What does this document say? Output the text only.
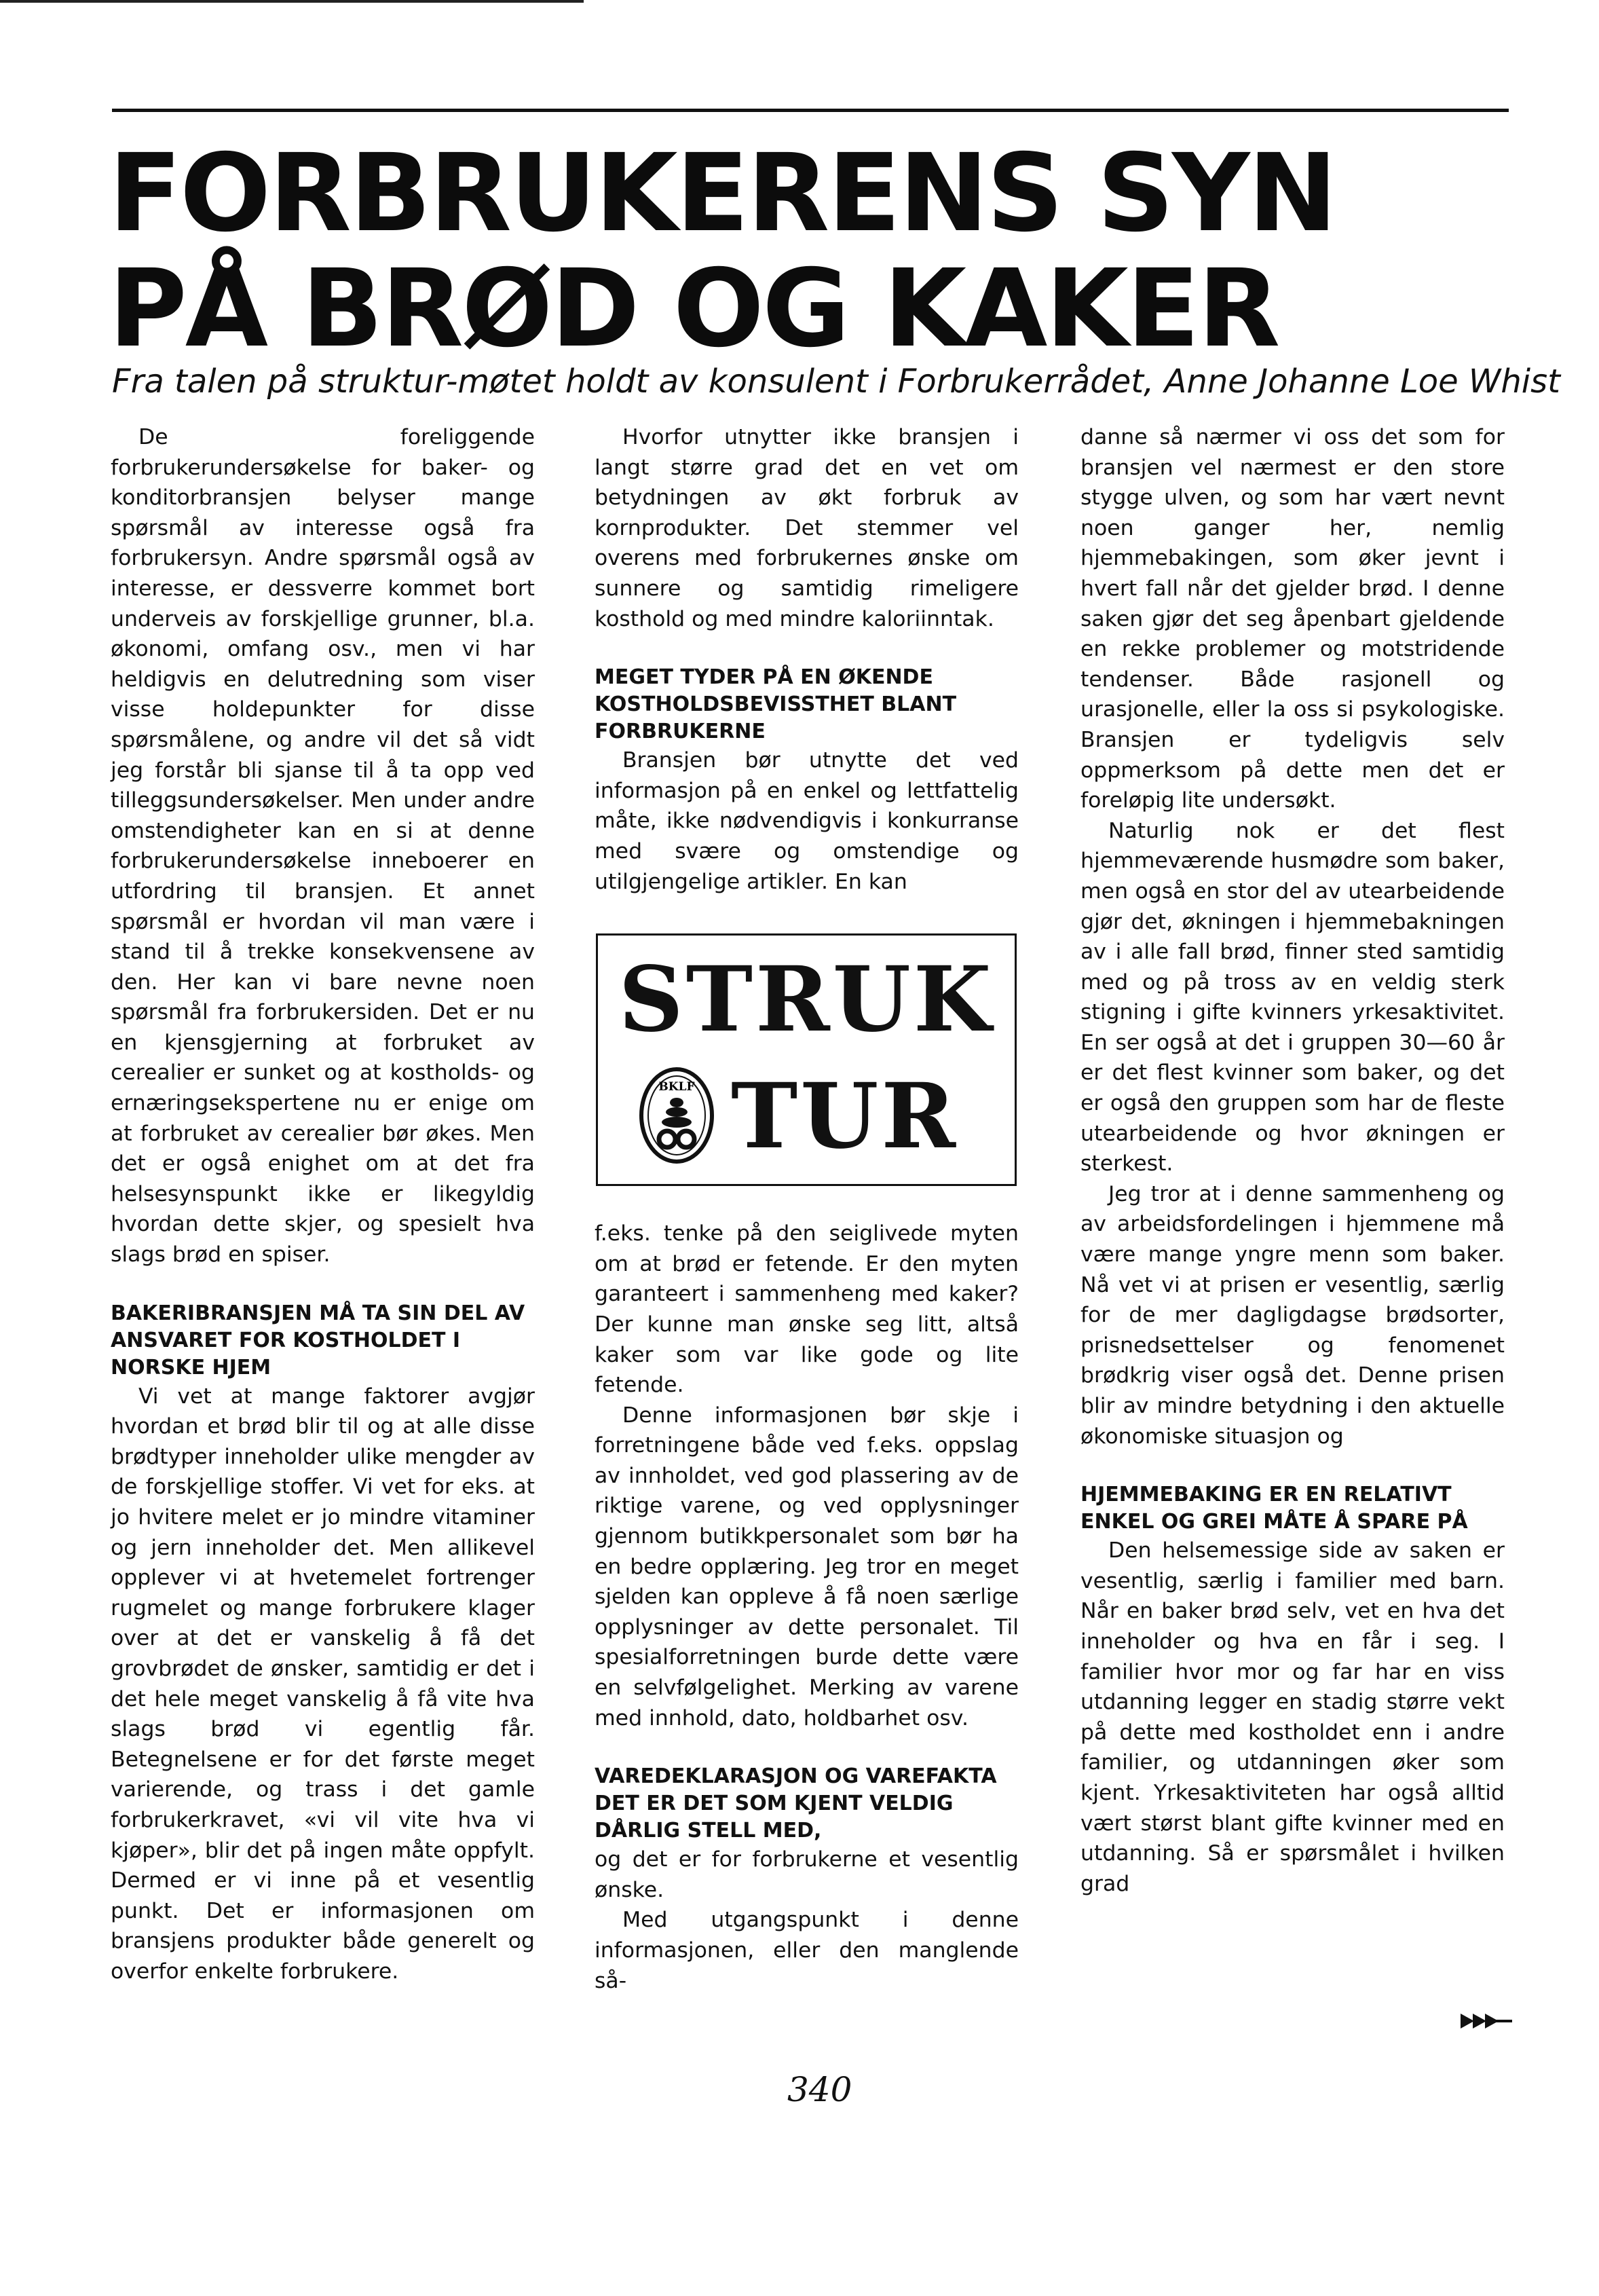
FORBRUKERENS SYN
PÅ BRØD OG KAKER

Fra talen på struktur-møtet holdt av konsulent i Forbrukerrådet, Anne Johanne Loe Whist

De foreliggende forbrukerundersøkelse for baker- og konditorbransjen belyser mange spørsmål av interesse også fra forbrukersyn. Andre spørsmål også av interesse, er dessverre kommet bort underveis av forskjellige grunner, bl.a. økonomi, omfang osv., men vi har heldigvis en delutredning som viser visse holdepunkter for disse spørsmålene, og andre vil det så vidt jeg forstår bli sjanse til å ta opp ved tilleggsundersøkelser. Men under andre omstendigheter kan en si at denne forbrukerundersøkelse inneboerer en utfordring til bransjen. Et annet spørsmål er hvordan vil man være i stand til å trekke konsekvensene av den. Her kan vi bare nevne noen spørsmål fra forbrukersiden. Det er nu en kjensgjerning at forbruket av cerealier er sunket og at kostholds- og ernæringsekspertene nu er enige om at forbruket av cerealier bør økes. Men det er også enighet om at det fra helsesynspunkt ikke er likegyldig hvordan dette skjer, og spesielt hva slags brød en spiser.

BAKERIBRANSJEN MÅ TA SIN DEL AV ANSVARET FOR KOSTHOLDET I NORSKE HJEM

Vi vet at mange faktorer avgjør hvordan et brød blir til og at alle disse brødtyper inneholder ulike mengder av de forskjellige stoffer. Vi vet for eks. at jo hvitere melet er jo mindre vitaminer og jern inneholder det. Men allikevel opplever vi at hvetemelet fortrenger rugmelet og mange forbrukere klager over at det er vanskelig å få det grovbrødet de ønsker, samtidig er det i det hele meget vanskelig å få vite hva slags brød vi egentlig får. Betegnelsene er for det første meget varierende, og trass i det gamle forbrukerkravet, «vi vil vite hva vi kjøper», blir det på ingen måte oppfylt. Dermed er vi inne på et vesentlig punkt. Det er informasjonen om bransjens produkter både generelt og overfor enkelte forbrukere.

Hvorfor utnytter ikke bransjen i langt større grad det en vet om betydningen av økt forbruk av kornprodukter. Det stemmer vel overens med forbrukernes ønske om sunnere og samtidig rimeligere kosthold og med mindre kaloriinntak.

MEGET TYDER PÅ EN ØKENDE KOSTHOLDSBEVISSTHET BLANT FORBRUKERNE

Bransjen bør utnytte det ved informasjon på en enkel og lettfattelig måte, ikke nødvendigvis i konkurranse med svære og omstendige og utilgjengelige artikler. En kan

STRUK
BKLF TUR

f.eks. tenke på den seiglivede myten om at brød er fetende. Er den myten garanteert i sammenheng med kaker? Der kunne man ønske seg litt, altså kaker som var like gode og lite fetende.

Denne informasjonen bør skje i forretningene både ved f.eks. oppslag av innholdet, ved god plassering av de riktige varene, og ved opplysninger gjennom butikkpersonalet som bør ha en bedre opplæring. Jeg tror en meget sjelden kan oppleve å få noen særlige opplysninger av dette personalet. Til spesialforretningen burde dette være en selvfølgelighet. Merking av varene med innhold, dato, holdbarhet osv.

VAREDEKLARASJON OG VAREFAKTA DET ER DET SOM KJENT VELDIG DÅRLIG STELL MED,

og det er for forbrukerne et vesentlig ønske.

Med utgangspunkt i denne informasjonen, eller den manglende så-

danne så nærmer vi oss det som for bransjen vel nærmest er den store stygge ulven, og som har vært nevnt noen ganger her, nemlig hjemmebakingen, som øker jevnt i hvert fall når det gjelder brød. I denne saken gjør det seg åpenbart gjeldende en rekke problemer og motstridende tendenser. Både rasjonell og urasjonelle, eller la oss si psykologiske. Bransjen er tydeligvis selv oppmerksom på dette men det er foreløpig lite undersøkt.

Naturlig nok er det flest hjemmeværende husmødre som baker, men også en stor del av utearbeidende gjør det, økningen i hjemmebakningen av i alle fall brød, finner sted samtidig med og på tross av en veldig sterk stigning i gifte kvinners yrkesaktivitet. En ser også at det i gruppen 30—60 år er det flest kvinner som baker, og det er også den gruppen som har de fleste utearbeidende og hvor økningen er sterkest.

Jeg tror at i denne sammenheng og av arbeidsfordelingen i hjemmene må være mange yngre menn som baker. Nå vet vi at prisen er vesentlig, særlig for de mer dagligdagse brødsorter, prisnedsettelser og fenomenet brødkrig viser også det. Denne prisen blir av mindre betydning i den aktuelle økonomiske situasjon og

HJEMMEBAKING ER EN RELATIVT ENKEL OG GREI MÅTE Å SPARE PÅ

Den helsemessige side av saken er vesentlig, særlig i familier med barn. Når en baker brød selv, vet en hva det inneholder og hva en får i seg. I familier hvor mor og far har en viss utdanning legger en stadig større vekt på dette med kostholdet enn i andre familier, og utdanningen øker som kjent. Yrkesaktiviteten har også alltid vært størst blant gifte kvinner med en utdanning. Så er spørsmålet i hvilken grad

340
